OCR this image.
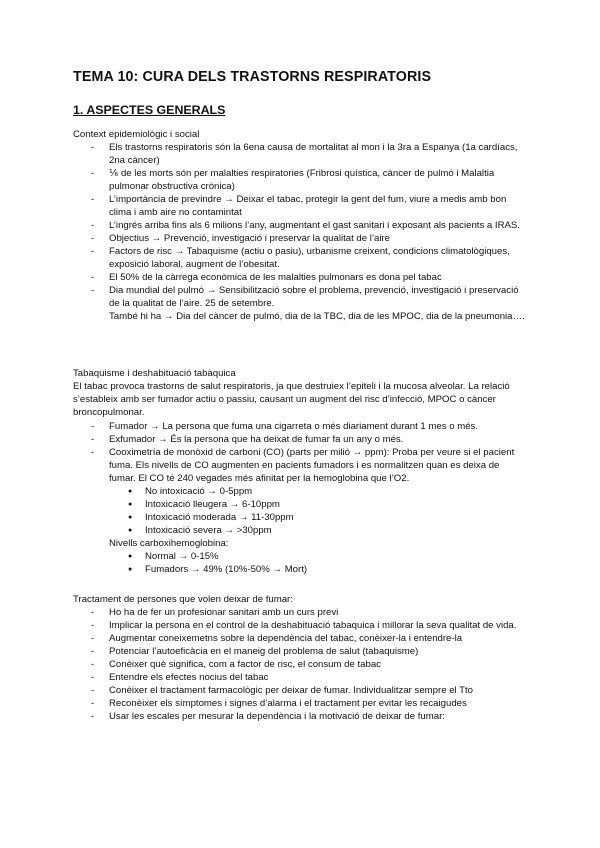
TEMA 10: CURA DELS TRASTORNS RESPIRATORIS
1. ASPECTES GENERALS
Context epidemiològic i social
- Els trastorns respiratoris són la 6ena causa de mortalitat al mon i la 3ra a Espanya (1a cardíacs, 2na càncer)
- ⅙ de les morts són per malalties respiratories (Fribrosi quística, càncer de pulmó i Malaltia pulmonar obstructiva crònica)
- L’importància de previndre → Deixar el tabac, protegir la gent del fum, viure a medis amb bon clima i amb aire no contamintat
- L’ingrés arriba fins als 6 milions l’any, augmentant el gast sanitari i exposant als pacients a IRAS.
- Objectius → Prevenció, investigació i preservar la qualitat de l’aire
- Factors de risc → Tabaquisme (actiu o pasiu), urbanisme creixent, condicions climatològiques, exposició laboral, augment de l’obesitat.
- El 50% de la càrrega econòmica de les malalties pulmonars es dona pel tabac
- Dia mundial del pulmó → Sensibilització sobre el problema, prevenció, investigació i preservació de la qualitat de l’aire. 25 de setembre.
També hi ha → Dia del càncer de pulmó, dia de la TBC, dia de les MPOC, dia de la pneumonia….
Tabaquisme i deshabituació tabàquica
El tabac provoca trastorns de salut respiratoris, ja que destruiex l’epiteli i la mucosa alveolar. La relació s’estableix amb ser fumador actiu o passiu, causant un augment del risc d’infecció, MPOC o càncer broncopulmonar.
- Fumador → La persona que fuma una cigarreta o més diariament durant 1 mes o més.
- Exfumador → És la persona que ha deixat de fumar fa un any o més.
- Cooximetría de monòxid de carboni (CO) (parts per milió → ppm): Proba per veure si el pacient fuma. Els nivells de CO augmenten en pacients fumadors i es normalitzen quan es deixa de fumar. El CO té 240 vegades més afinitat per la hemoglobina que l’O2.
● No intoxicació → 0-5ppm
● Intoxicació lleugera → 6-10ppm
● Intoxicació moderada → 11-30ppm
● Intoxicació severa → >30ppm
Nivells carboxihemoglobina:
● Normal → 0-15%
● Fumadors → 49% (10%-50% → Mort)
Tractament de persones que volen deixar de fumar:
- Ho ha de fer un profesionar sanitari amb un curs previ
- Implicar la persona en el control de la deshabituació tabaquica i millorar la seva qualitat de vida.
- Augmentar coneixemetns sobre la dependència del tabac, conèixer-la i entendre-la
- Potenciar l’autoeficàcia en el maneig del problema de salut (tabaquisme)
- Conèixer què significa, com a factor de risc, el consum de tabac
- Entendre els efectes nocius del tabac
- Conèixer el tractament farmacològic per deixar de fumar. Individualitzar sempre el Tto
- Reconèixer els símptomes i signes d’alarma i el tractament per evitar les recaigudes
- Usar les escales per mesurar la dependència i la motivació de deixar de fumar:
